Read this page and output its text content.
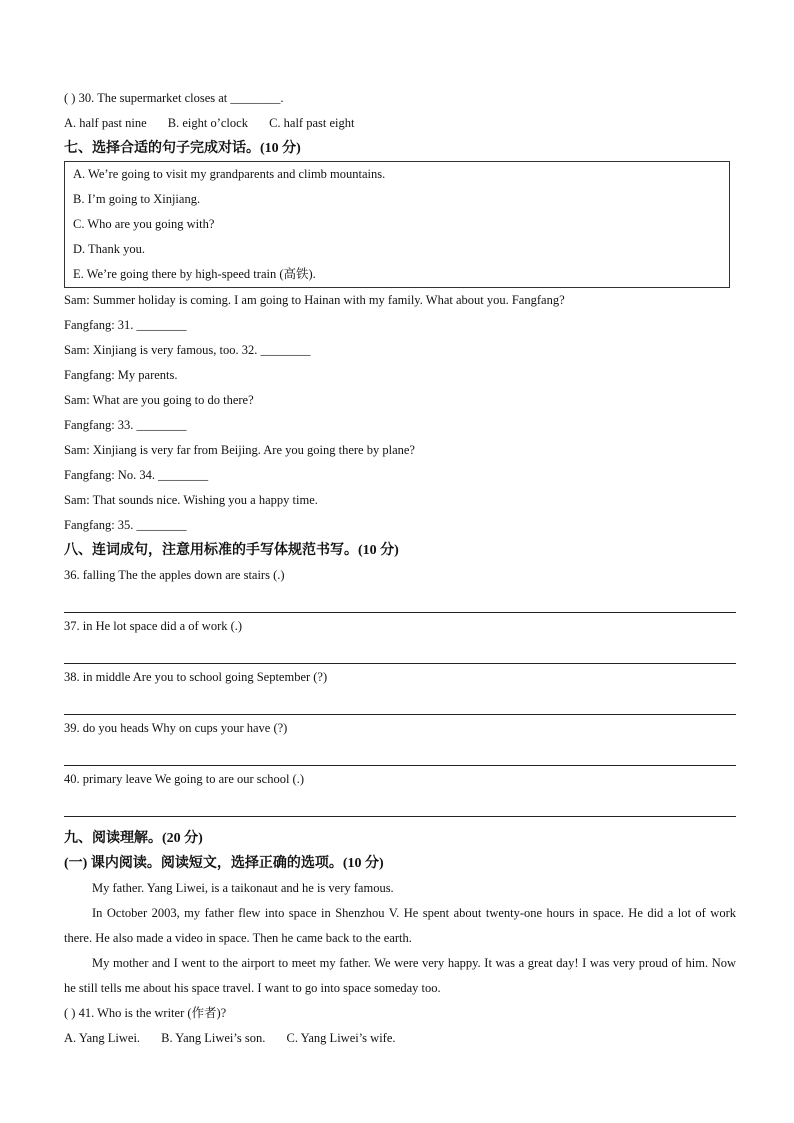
( ) 30. The supermarket closes at ________.
A. half past nine B. eight o’clock C. half past eight
七、选择合适的句子完成对话。(10 分)
A. We’re going to visit my grandparents and climb mountains.
B. I’m going to Xinjiang.
C. Who are you going with?
D. Thank you.
E. We’re going there by high-speed train (高铁).
Sam: Summer holiday is coming. I am going to Hainan with my family. What about you. Fangfang?
Fangfang: 31. ________
Sam: Xinjiang is very famous, too. 32. ________
Fangfang: My parents.
Sam: What are you going to do there?
Fangfang: 33. ________
Sam: Xinjiang is very far from Beijing. Are you going there by plane?
Fangfang: No. 34. ________
Sam: That sounds nice. Wishing you a happy time.
Fangfang: 35. ________
八、连词成句，注意用标准的手写体规范书写。(10 分)
36. falling The the apples down are stairs (.)
37. in He lot space did a of work (.)
38. in middle Are you to school going September (?)
39. do you heads Why on cups your have (?)
40. primary leave We going to are our school (.)
九、阅读理解。(20 分)
(一) 课内阅读。阅读短文，选择正确的选项。(10 分)
My father. Yang Liwei, is a taikonaut and he is very famous.
In October 2003, my father flew into space in Shenzhou V. He spent about twenty-one hours in space. He did a lot of work there. He also made a video in space. Then he came back to the earth.
My mother and I went to the airport to meet my father. We were very happy. It was a great day! I was very proud of him. Now he still tells me about his space travel. I want to go into space someday too.
( ) 41. Who is the writer (作者)?
A. Yang Liwei. B. Yang Liwei’s son. C. Yang Liwei’s wife.
